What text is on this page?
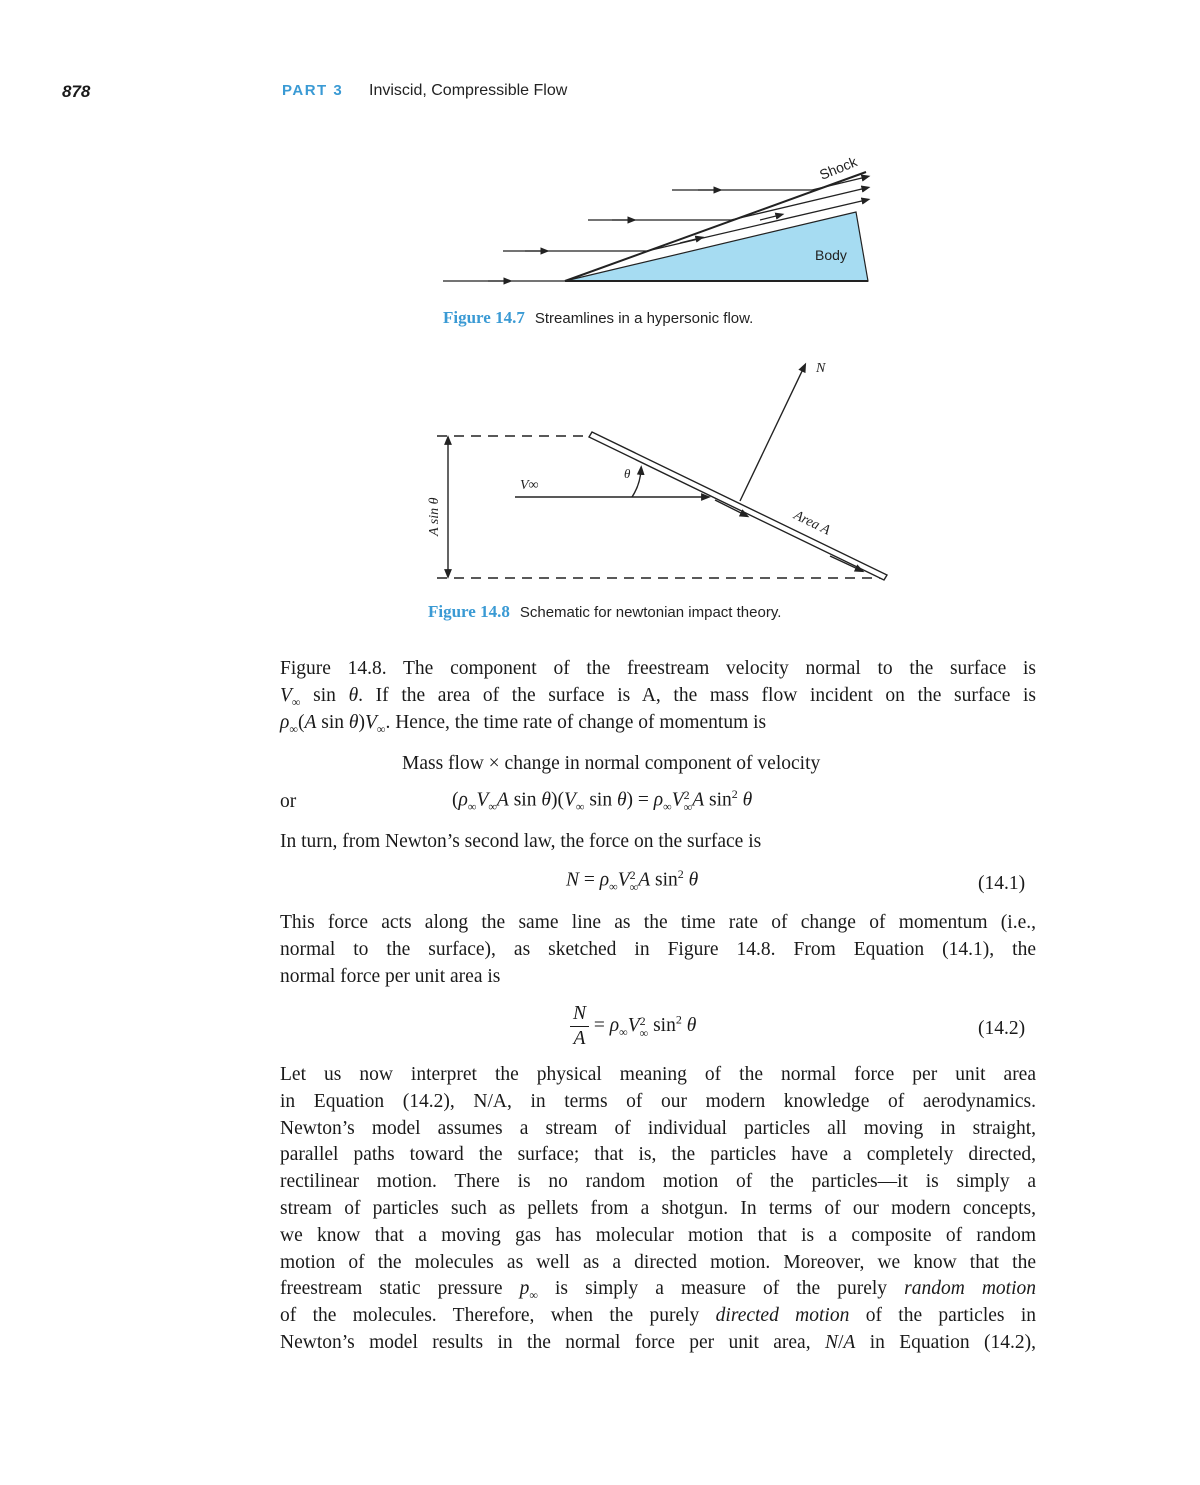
878	PART 3 Inviscid, Compressible Flow
Shock
Body
Figure 14.7 Streamlines in a hypersonic flow.
N
θ
V∞
Area A
A sin θ
Figure 14.8 Schematic for newtonian impact theory.
Figure 14.8. The component of the freestream velocity normal to the surface is
$V_\infty$ sin θ. If the area of the surface is A, the mass flow incident on the surface is
$\rho_\infty(A$ $\sin \theta)V_\infty$. Hence, the time rate of change of momentum is
Mass flow × change in normal component of velocity
or	($\rho_\infty V_\infty A$ $\sin \theta)(V_\infty$ $\sin \theta) = \rho_\infty V$ 2
∞ A $\sin^2 \theta$
In turn, from Newton’s second law, the force on the surface is
$N = \rho_\infty V$ 2
∞ A $\sin^2 \theta$	(14.1)
This force acts along the same line as the time rate of change of momentum (i.e.,
normal to the surface), as sketched in Figure 14.8. From Equation (14.1), the
normal force per unit area is
$\frac{N}{A} = \rho_\infty V$ 2
∞ $\sin^2 \theta$	(14.2)
Let us now interpret the physical meaning of the normal force per unit area
in Equation (14.2), N/A, in terms of our modern knowledge of aerodynamics.
Newton’s model assumes a stream of individual particles all moving in straight,
parallel paths toward the surface; that is, the particles have a completely directed,
rectilinear motion. There is no random motion of the particles—it is simply a
stream of particles such as pellets from a shotgun. In terms of our modern concepts,
we know that a moving gas has molecular motion that is a composite of random
motion of the molecules as well as a directed motion. Moreover, we know that the
freestream static pressure $p_\infty$ is simply a measure of the purely random motion
of the molecules. Therefore, when the purely directed motion of the particles in
Newton’s model results in the normal force per unit area, N/A in Equation (14.2),
